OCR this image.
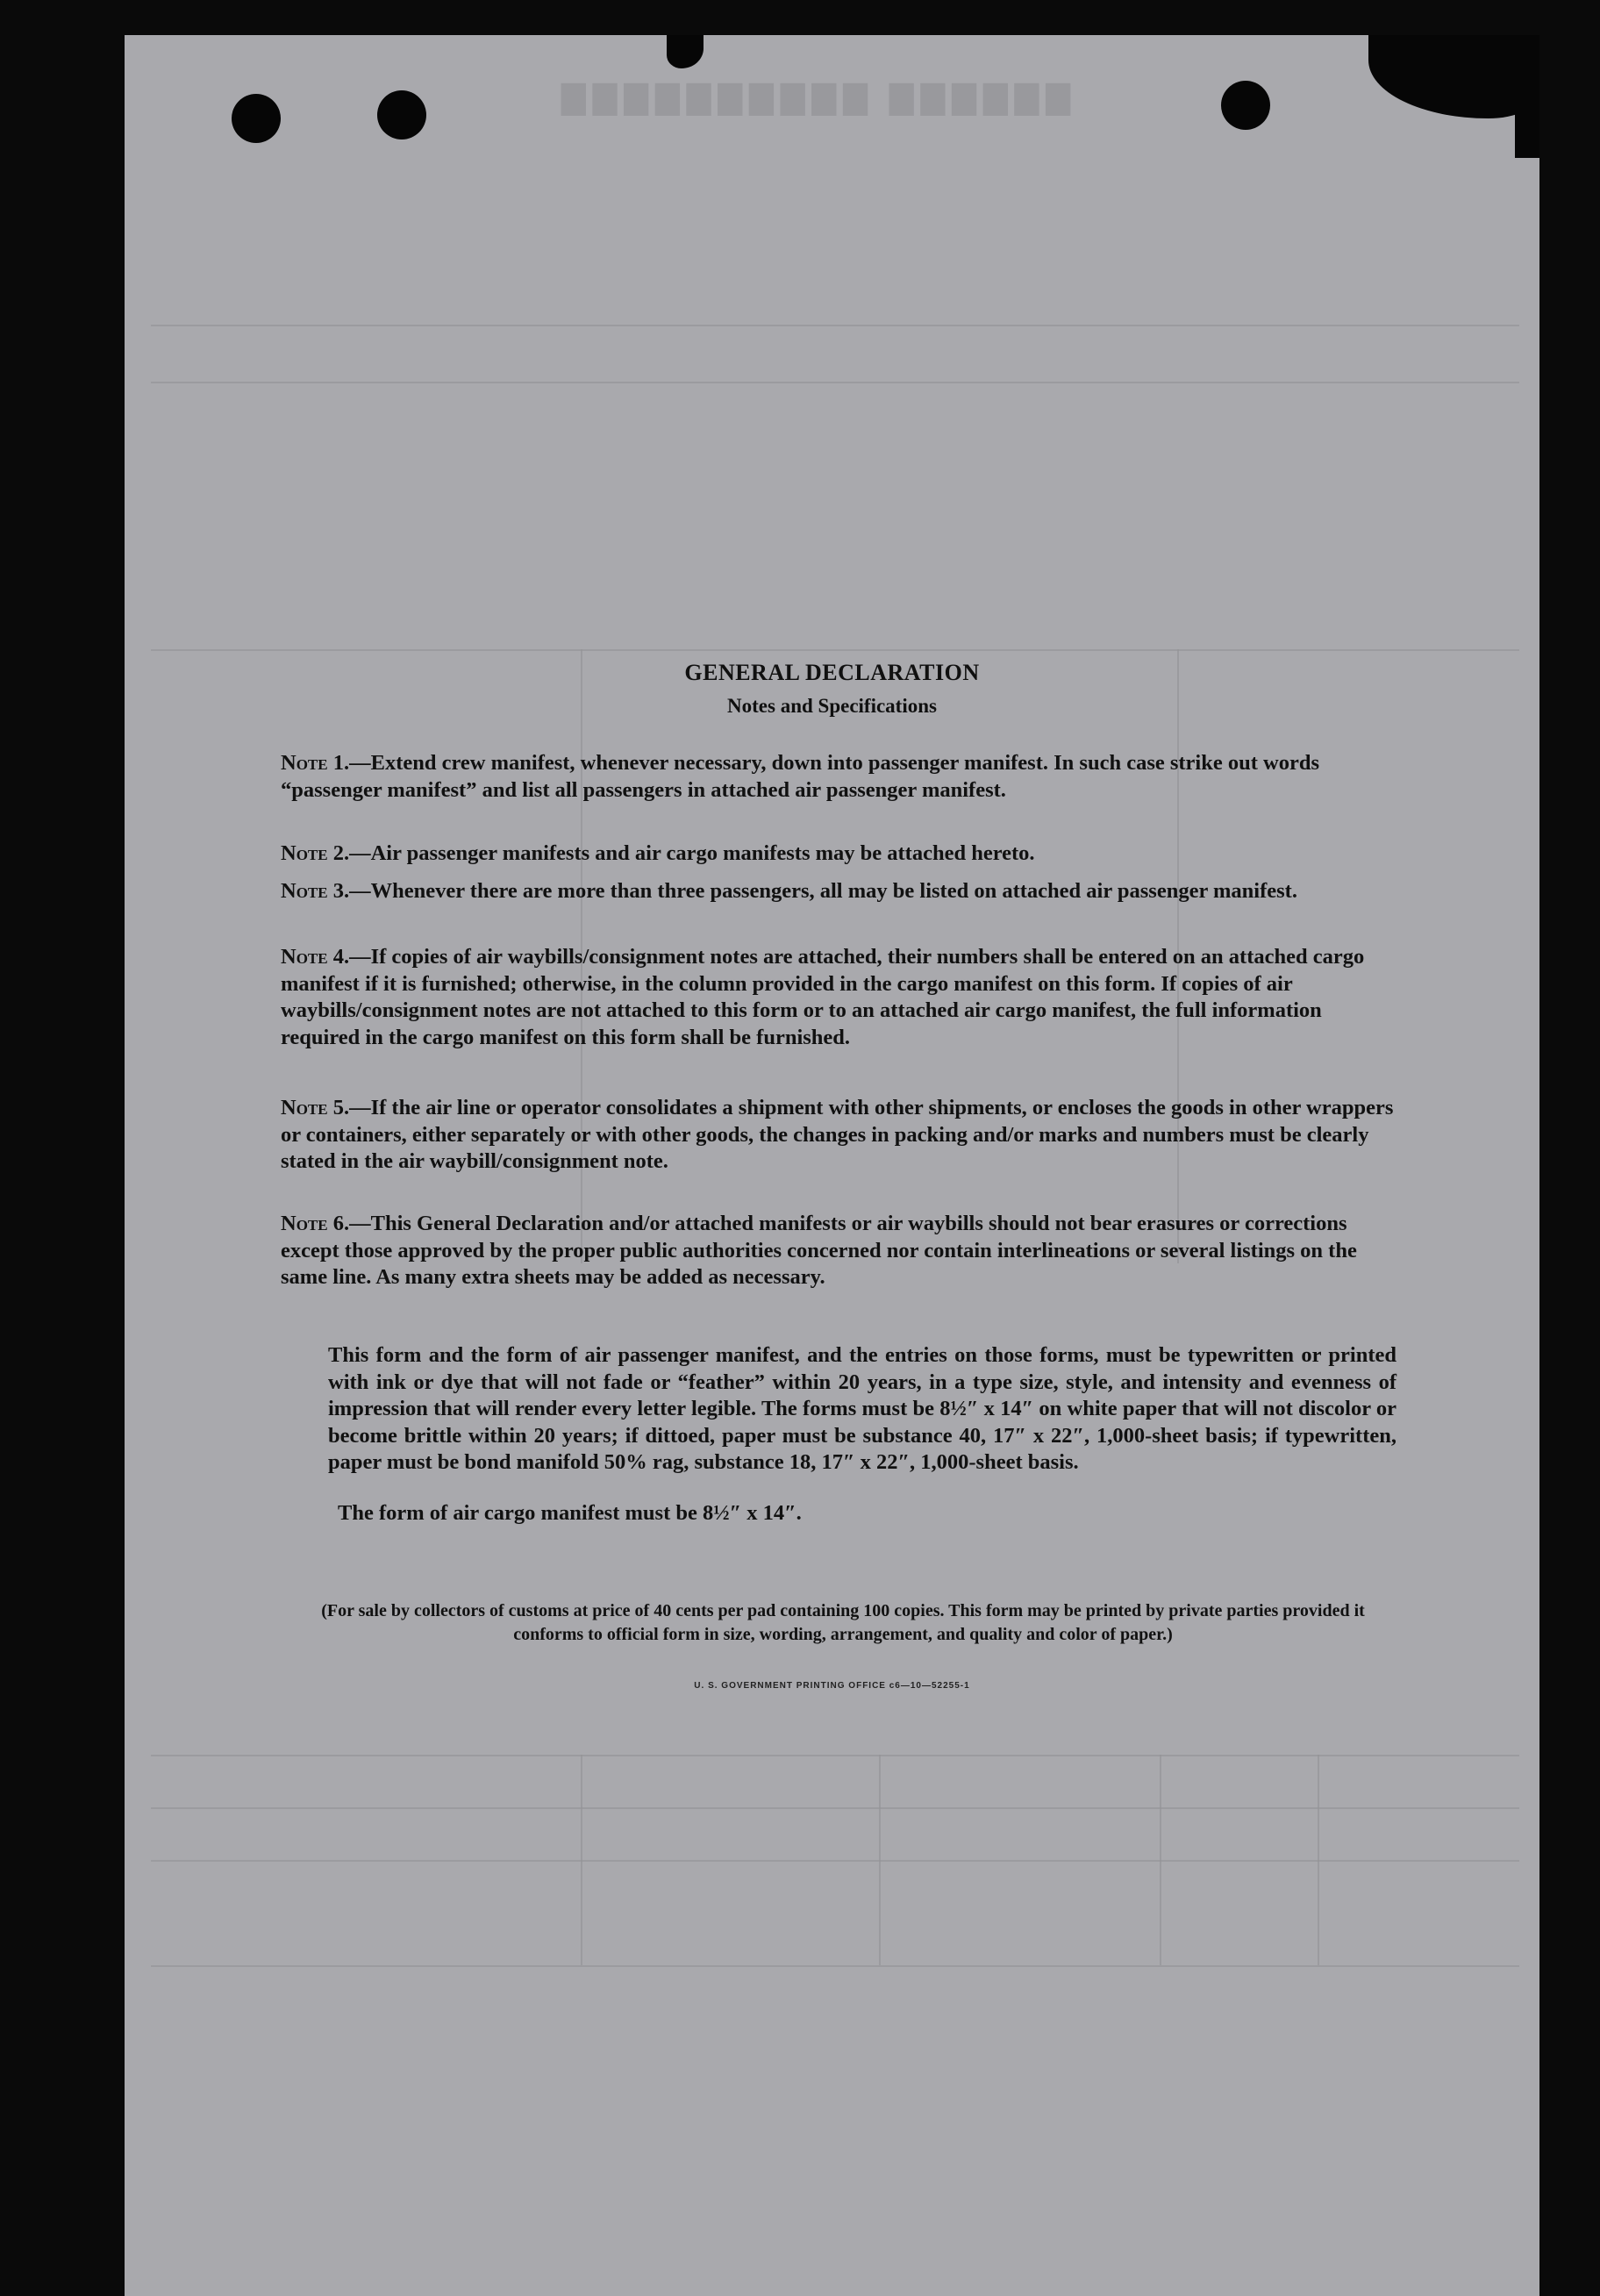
▇▇▇▇▇▇ ▇▇▇▇▇▇▇▇▇▇
GENERAL DECLARATION
Notes and Specifications
Note 1.—Extend crew manifest, whenever necessary, down into passenger manifest. In such case strike out words “passenger manifest” and list all passengers in attached air passenger manifest.
Note 2.—Air passenger manifests and air cargo manifests may be attached hereto.
Note 3.—Whenever there are more than three passengers, all may be listed on attached air passenger manifest.
Note 4.—If copies of air waybills/consignment notes are attached, their numbers shall be entered on an attached cargo manifest if it is furnished; otherwise, in the column provided in the cargo manifest on this form. If copies of air waybills/consignment notes are not attached to this form or to an attached air cargo manifest, the full information required in the cargo manifest on this form shall be furnished.
Note 5.—If the air line or operator consolidates a shipment with other shipments, or encloses the goods in other wrappers or containers, either separately or with other goods, the changes in packing and/or marks and numbers must be clearly stated in the air waybill/consignment note.
Note 6.—This General Declaration and/or attached manifests or air waybills should not bear erasures or corrections except those approved by the proper public authorities concerned nor contain interlineations or several listings on the same line. As many extra sheets may be added as necessary.
This form and the form of air passenger manifest, and the entries on those forms, must be typewritten or printed with ink or dye that will not fade or “feather” within 20 years, in a type size, style, and intensity and evenness of impression that will render every letter legible. The forms must be 8½″ x 14″ on white paper that will not discolor or become brittle within 20 years; if dittoed, paper must be substance 40, 17″ x 22″, 1,000-sheet basis; if typewritten, paper must be bond manifold 50% rag, substance 18, 17″ x 22″, 1,000-sheet basis.
The form of air cargo manifest must be 8½″ x 14″.
(For sale by collectors of customs at price of 40 cents per pad containing 100 copies. This form may be printed by private parties provided it conforms to official form in size, wording, arrangement, and quality and color of paper.)
U. S. GOVERNMENT PRINTING OFFICE c6—10—52255-1
